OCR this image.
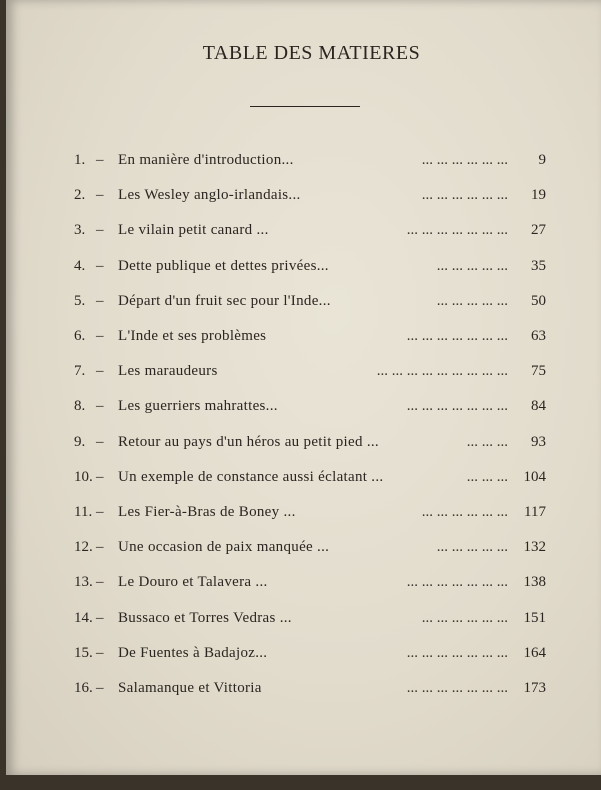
TABLE DES MATIERES
1. – En manière d'introduction...	... ... ... ... ... ... 9
2. – Les Wesley anglo-irlandais...	... ... ... ... ... ... 19
3. – Le vilain petit canard ...	... ... ... ... ... ... ... 27
4. – Dette publique et dettes privées...	... ... ... ... ... 35
5. – Départ d'un fruit sec pour l'Inde...	... ... ... ... ... 50
6. – L'Inde et ses problèmes	... ... ... ... ... ... ... 63
7. – Les maraudeurs	... ... ... ... ... ... ... ... ... 75
8. – Les guerriers mahrattes...	... ... ... ... ... ... ... 84
9. – Retour au pays d'un héros au petit pied ...	... ... ... 93
10. – Un exemple de constance aussi éclatant ...	... ... ... 104
11. – Les Fier-à-Bras de Boney ...	... ... ... ... ... ... 117
12. – Une occasion de paix manquée ...	... ... ... ... ... 132
13. – Le Douro et Talavera ...	... ... ... ... ... ... ... 138
14. – Bussaco et Torres Vedras ...	... ... ... ... ... ... 151
15. – De Fuentes à Badajoz...	... ... ... ... ... ... ... 164
16. – Salamanque et Vittoria	... ... ... ... ... ... ... 173
